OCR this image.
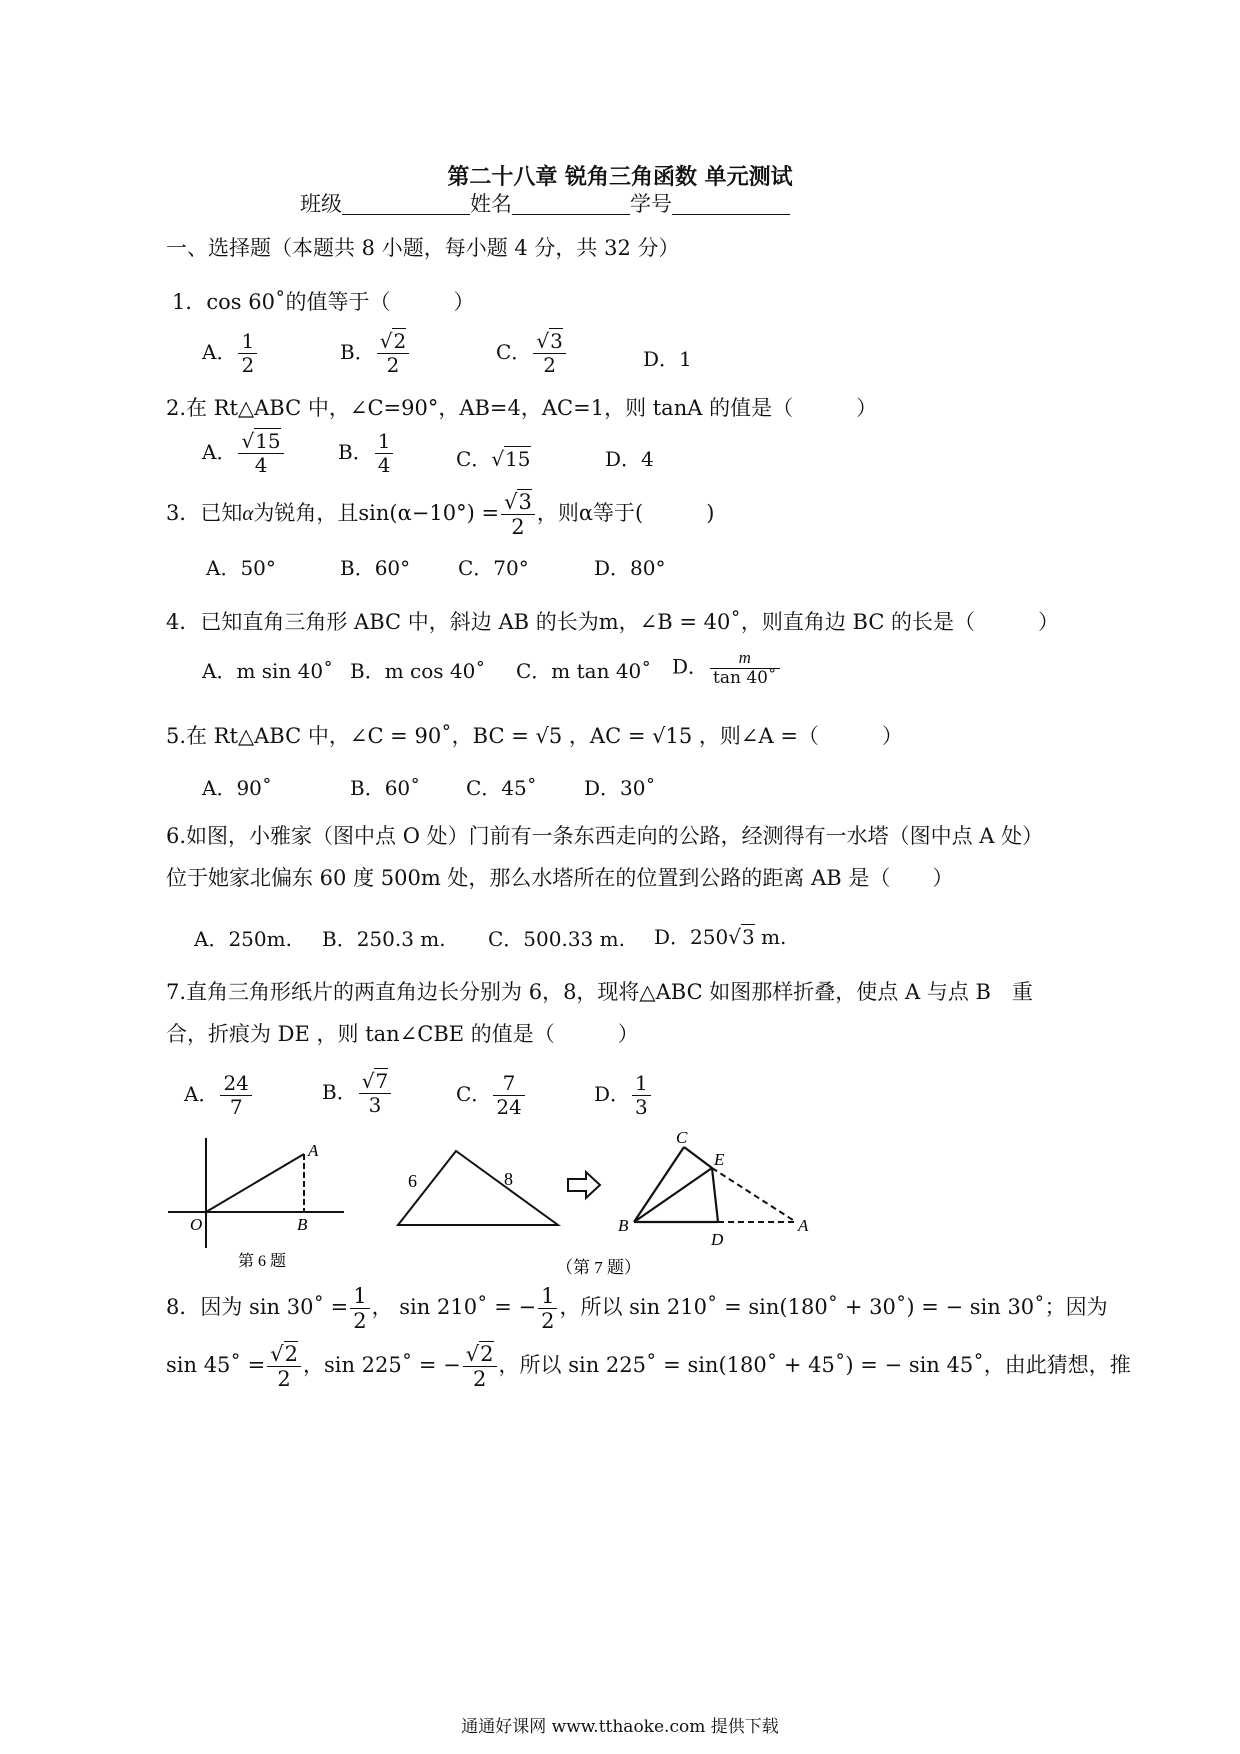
第二十八章 锐角三角函数 单元测试
班级	姓名	学号
一、选择题（本题共 8 小题，每小题 4 分，共 32 分）
1．cos 60˚的值等于（　　　）
A． $\frac{1}{2}$	B． $\frac{√2}{2}$	C． $\frac{√3}{2}$	D．1
2.在 Rt△ABC 中，∠C=90°，AB=4，AC=1，则 tanA 的值是（　　　）
A． $\frac{√15}{4}$	B． $\frac{1}{4}$	C．√15	D．4
3．已知α为锐角，且$\sin(\alpha-10^\circ) = \frac{√3}{2}$ ，则α等于(　　　)
A．50°	B．60° C．70°	D．80°
4．已知直角三角形 ABC 中，斜边 AB 的长为m，∠B = 40˚，则直角边 BC 的长是（　　　）
A．m sin 40˚ B．m cos 40˚ C．m tan 40˚ D． $\frac{m}{\tan 40˚}$
5.在 Rt△ABC 中，∠C = 90˚，BC = √5 ，AC = √15 ，则∠A =（　　　）
A．90˚	B．60˚ C．45˚ D．30˚
6.如图，小雅家（图中点 O 处）门前有一条东西走向的公路，经测得有一水塔（图中点 A 处）
位于她家北偏东 60 度 500m 处，那么水塔所在的位置到公路的距离 AB 是（　　）
A．250m. B．250.3 m. C．500.33 m. D．250√3 m.
7.直角三角形纸片的两直角边长分别为 6，8，现将△ABC 如图那样折叠，使点 A 与点 B　重
合，折痕为 DE ，则 tan∠CBE 的值是（　　　）
A． $\frac{24}{7}$	B． $\frac{√7}{3}$	C． $\frac{7}{24}$	D． $\frac{1}{3}$
A
O	B
第 6 题
6	8
C
E
B
D
A
（第 7 题）
8．因为 sin 30˚ = $\frac{1}{2}$ ， sin 210˚ = − $\frac{1}{2}$ ，所以 sin 210˚ = sin(180˚ + 30˚) = − sin 30˚；因为
sin 45˚ = $\frac{√2}{2}$ ，sin 225˚ = − $\frac{√2}{2}$ ，所以 sin 225˚ = sin(180˚ + 45˚) = − sin 45˚，由此猜想，推
通通好课网 www.tthaoke.com 提供下载
